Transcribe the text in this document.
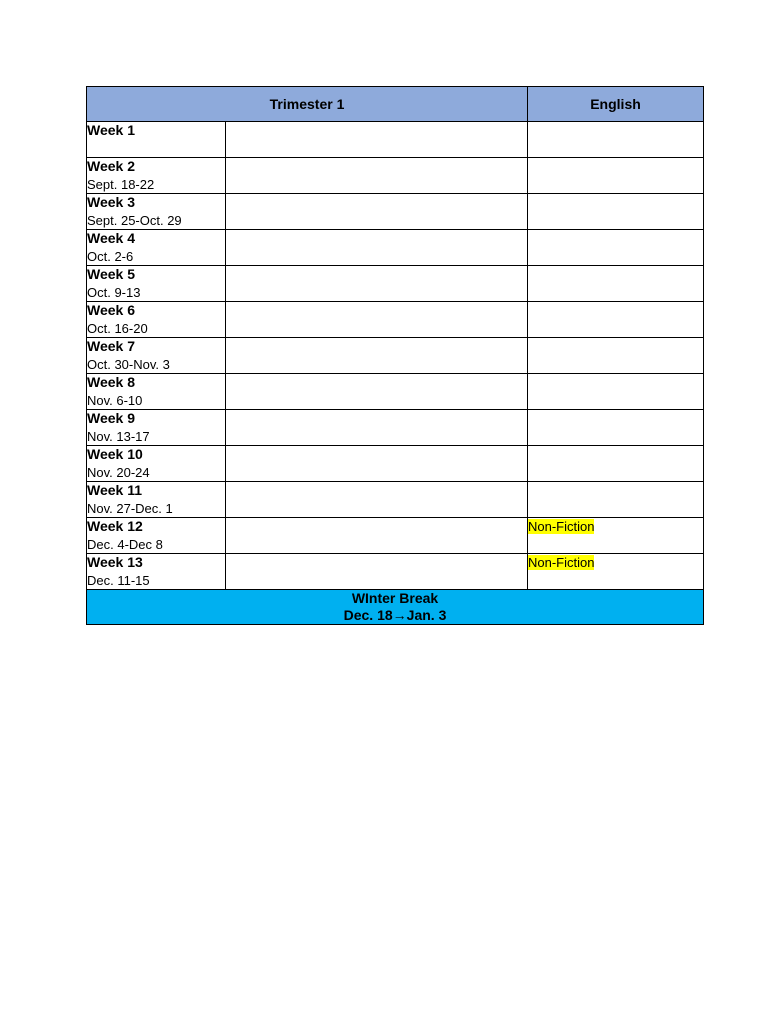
Trimester 1		English

Week 1		

Week 2
Sept. 18-22		

Week 3
Sept. 25-Oct. 29		

Week 4
Oct. 2-6		

Week 5
Oct. 9-13		

Week 6
Oct. 16-20		

Week 7
Oct. 30-Nov. 3		

Week 8
Nov. 6-10		

Week 9
Nov. 13-17		

Week 10
Nov. 20-24		

Week 11
Nov. 27-Dec. 1		

Week 12
Dec. 4-Dec 8		Non-Fiction

Week 13
Dec. 11-15		Non-Fiction
WInter Break
Dec. 18→Jan. 3		
